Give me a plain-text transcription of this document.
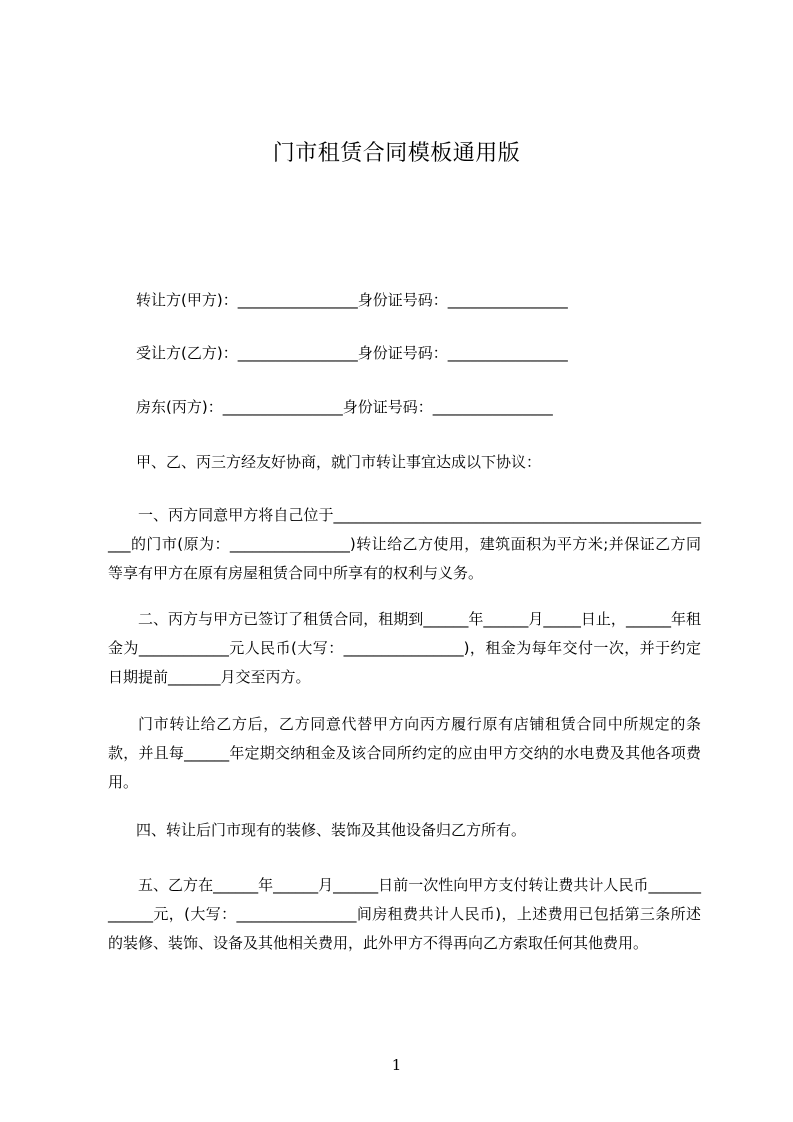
门市租赁合同模板通用版
转让方(甲方)：________________身份证号码：________________
受让方(乙方)：________________身份证号码：________________
房东(丙方)：________________身份证号码：________________
甲、乙、丙三方经友好协商，就门市转让事宜达成以下协议：
一、丙方同意甲方将自己位于____________________________________________________的门市(原为：________________)转让给乙方使用，建筑面积为平方米;并保证乙方同等享有甲方在原有房屋租赁合同中所享有的权利与义务。
二、丙方与甲方已签订了租赁合同，租期到______年______月_____日止，______年租金为____________元人民币(大写：________________)，租金为每年交付一次，并于约定日期提前_______月交至丙方。
门市转让给乙方后，乙方同意代替甲方向丙方履行原有店铺租赁合同中所规定的条款，并且每______年定期交纳租金及该合同所约定的应由甲方交纳的水电费及其他各项费用。
四、转让后门市现有的装修、装饰及其他设备归乙方所有。
五、乙方在______年______月______日前一次性向甲方支付转让费共计人民币_____________元，(大写：________________间房租费共计人民币)，上述费用已包括第三条所述的装修、装饰、设备及其他相关费用，此外甲方不得再向乙方索取任何其他费用。
1
